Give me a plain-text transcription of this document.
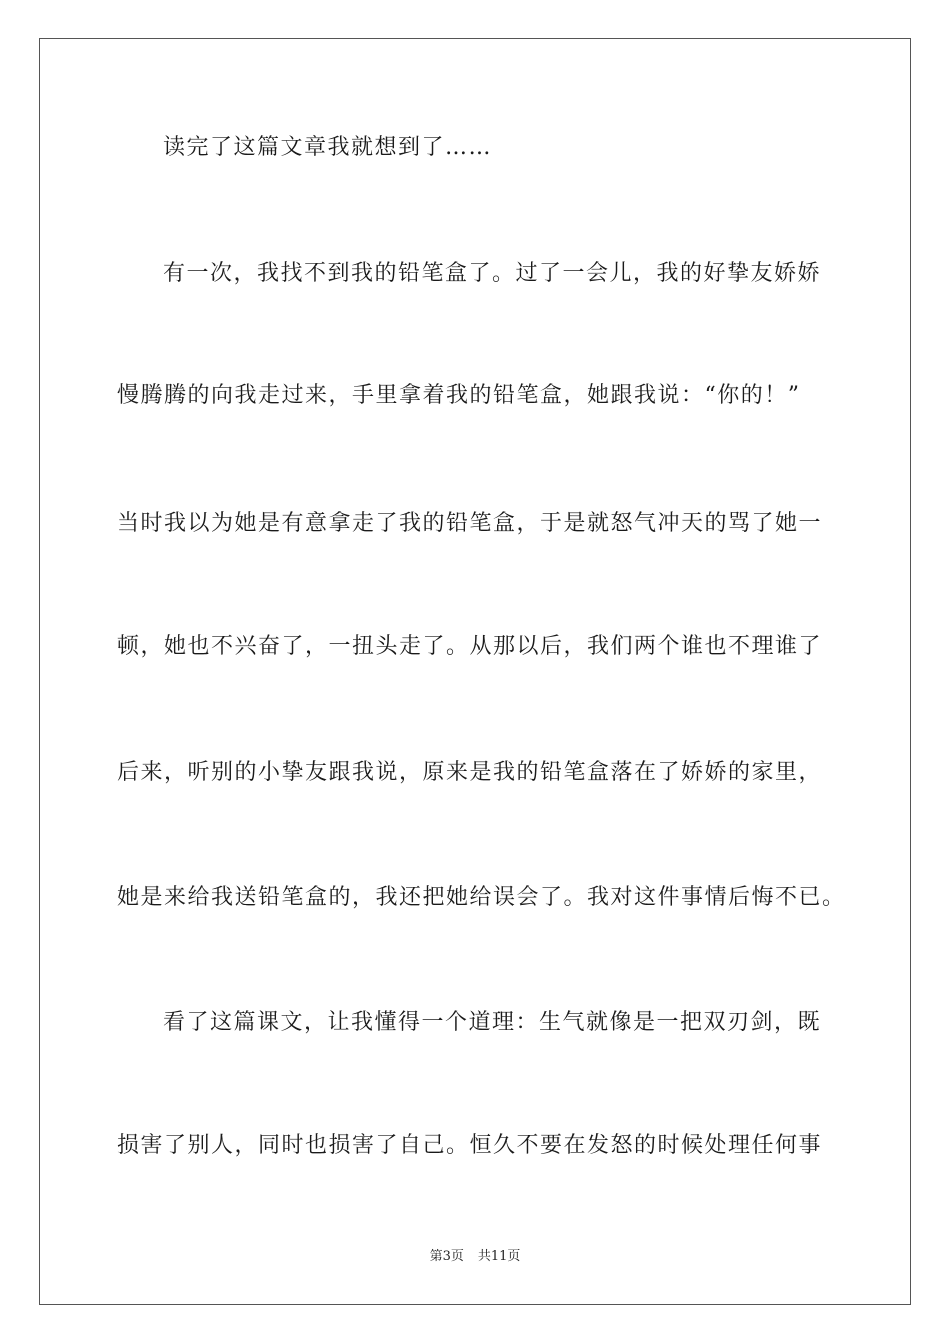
读完了这篇文章我就想到了……
有一次，我找不到我的铅笔盒了。过了一会儿，我的好挚友娇娇
慢腾腾的向我走过来，手里拿着我的铅笔盒，她跟我说：“你的！”
当时我以为她是有意拿走了我的铅笔盒，于是就怒气冲天的骂了她一
顿，她也不兴奋了，一扭头走了。从那以后，我们两个谁也不理谁了
后来，听别的小挚友跟我说，原来是我的铅笔盒落在了娇娇的家里，
她是来给我送铅笔盒的，我还把她给误会了。我对这件事情后悔不已。
看了这篇课文，让我懂得一个道理：生气就像是一把双刃剑，既
损害了别人，同时也损害了自己。恒久不要在发怒的时候处理任何事
第3页 共11页
